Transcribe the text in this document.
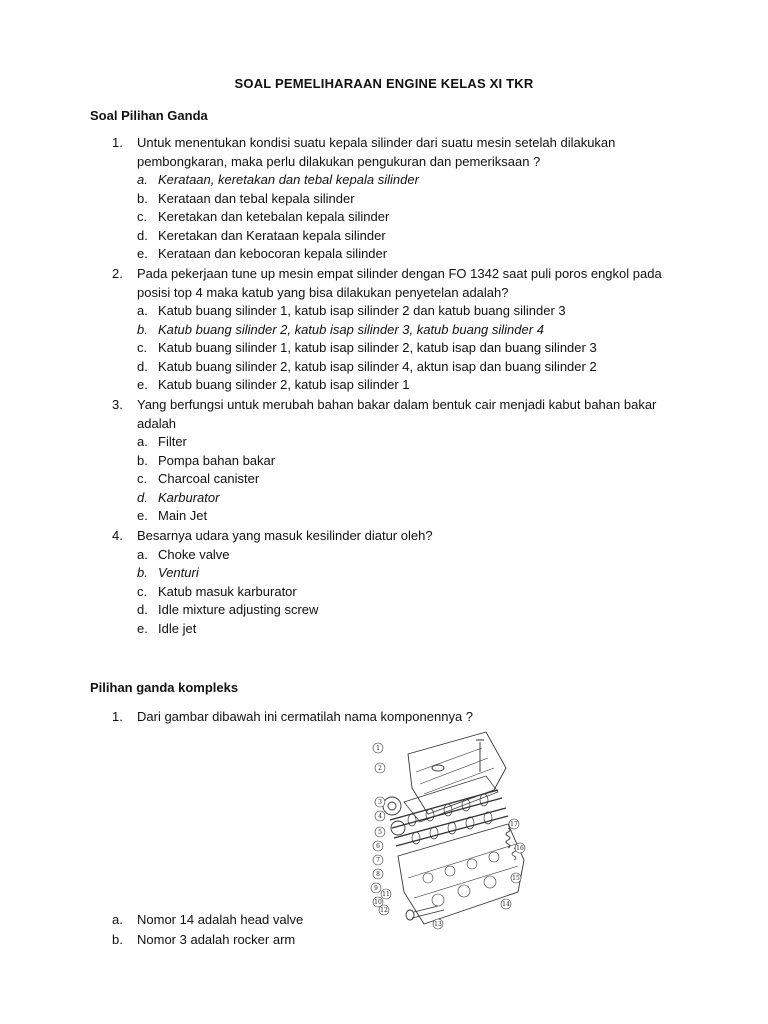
SOAL PEMELIHARAAN ENGINE KELAS XI TKR
Soal Pilihan Ganda
1. Untuk menentukan kondisi suatu kepala silinder dari suatu mesin setelah dilakukan pembongkaran, maka perlu dilakukan pengukuran dan pemeriksaan ?
a. Kerataan, keretakan dan tebal kepala silinder
b. Kerataan dan tebal kepala silinder
c. Keretakan dan ketebalan kepala silinder
d. Keretakan dan Kerataan kepala silinder
e. Kerataan dan kebocoran kepala silinder
2. Pada pekerjaan tune up mesin empat silinder dengan FO 1342 saat puli poros engkol pada posisi top 4 maka katub yang bisa dilakukan penyetelan adalah?
a. Katub buang silinder 1, katub isap silinder 2 dan katub buang silinder 3
b. Katub buang silinder 2, katub isap silinder 3, katub buang silinder 4
c. Katub buang silinder 1, katub isap silinder 2, katub isap dan buang silinder 3
d. Katub buang silinder 2, katub isap silinder 4, aktun isap dan buang silinder 2
e. Katub buang silinder 2, katub isap silinder 1
3. Yang berfungsi untuk merubah bahan bakar dalam bentuk cair menjadi kabut bahan bakar adalah
a. Filter
b. Pompa bahan bakar
c. Charcoal canister
d. Karburator
e. Main Jet
4. Besarnya udara yang masuk kesilinder diatur oleh?
a. Choke valve
b. Venturi
c. Katub masuk karburator
d. Idle mixture adjusting screw
e. Idle jet
Pilihan ganda kompleks
1. Dari gambar dibawah ini cermatilah nama komponennya ?
1
2
3
4
5
6
7
8
9
10
11
12
13
14
15
16
17
a. Nomor 14 adalah head valve
b. Nomor 3 adalah rocker arm
